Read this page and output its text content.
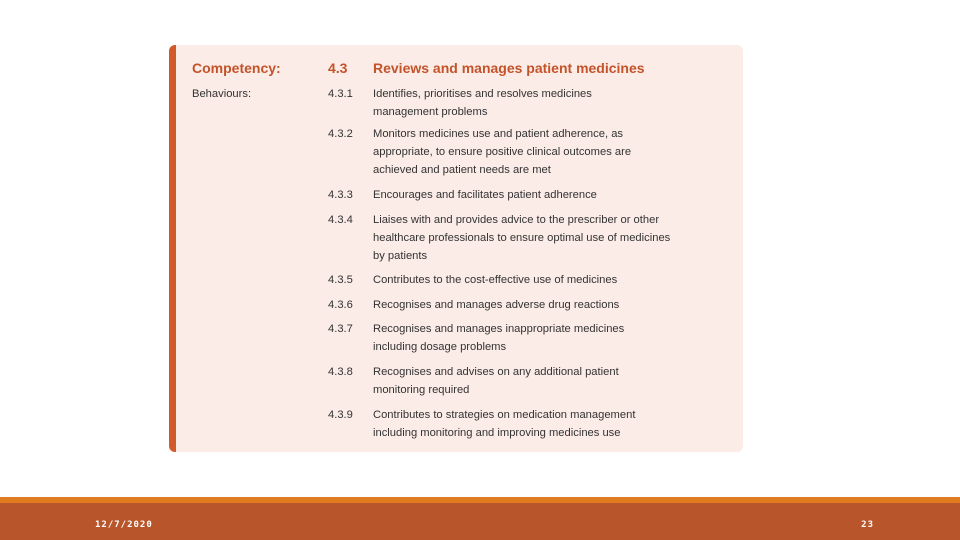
Competency:	4.3 Reviews and manages patient medicines
Behaviours:	4.3.1 Identifies, prioritises and resolves medicines
management problems
4.3.2 Monitors medicines use and patient adherence, as
appropriate, to ensure positive clinical outcomes are
achieved and patient needs are met
4.3.3 Encourages and facilitates patient adherence
4.3.4 Liaises with and provides advice to the prescriber or other
healthcare professionals to ensure optimal use of medicines
by patients
4.3.5 Contributes to the cost-effective use of medicines
4.3.6 Recognises and manages adverse drug reactions
4.3.7 Recognises and manages inappropriate medicines
including dosage problems
4.3.8 Recognises and advises on any additional patient
monitoring required
4.3.9 Contributes to strategies on medication management
including monitoring and improving medicines use
12/7/2020	23
